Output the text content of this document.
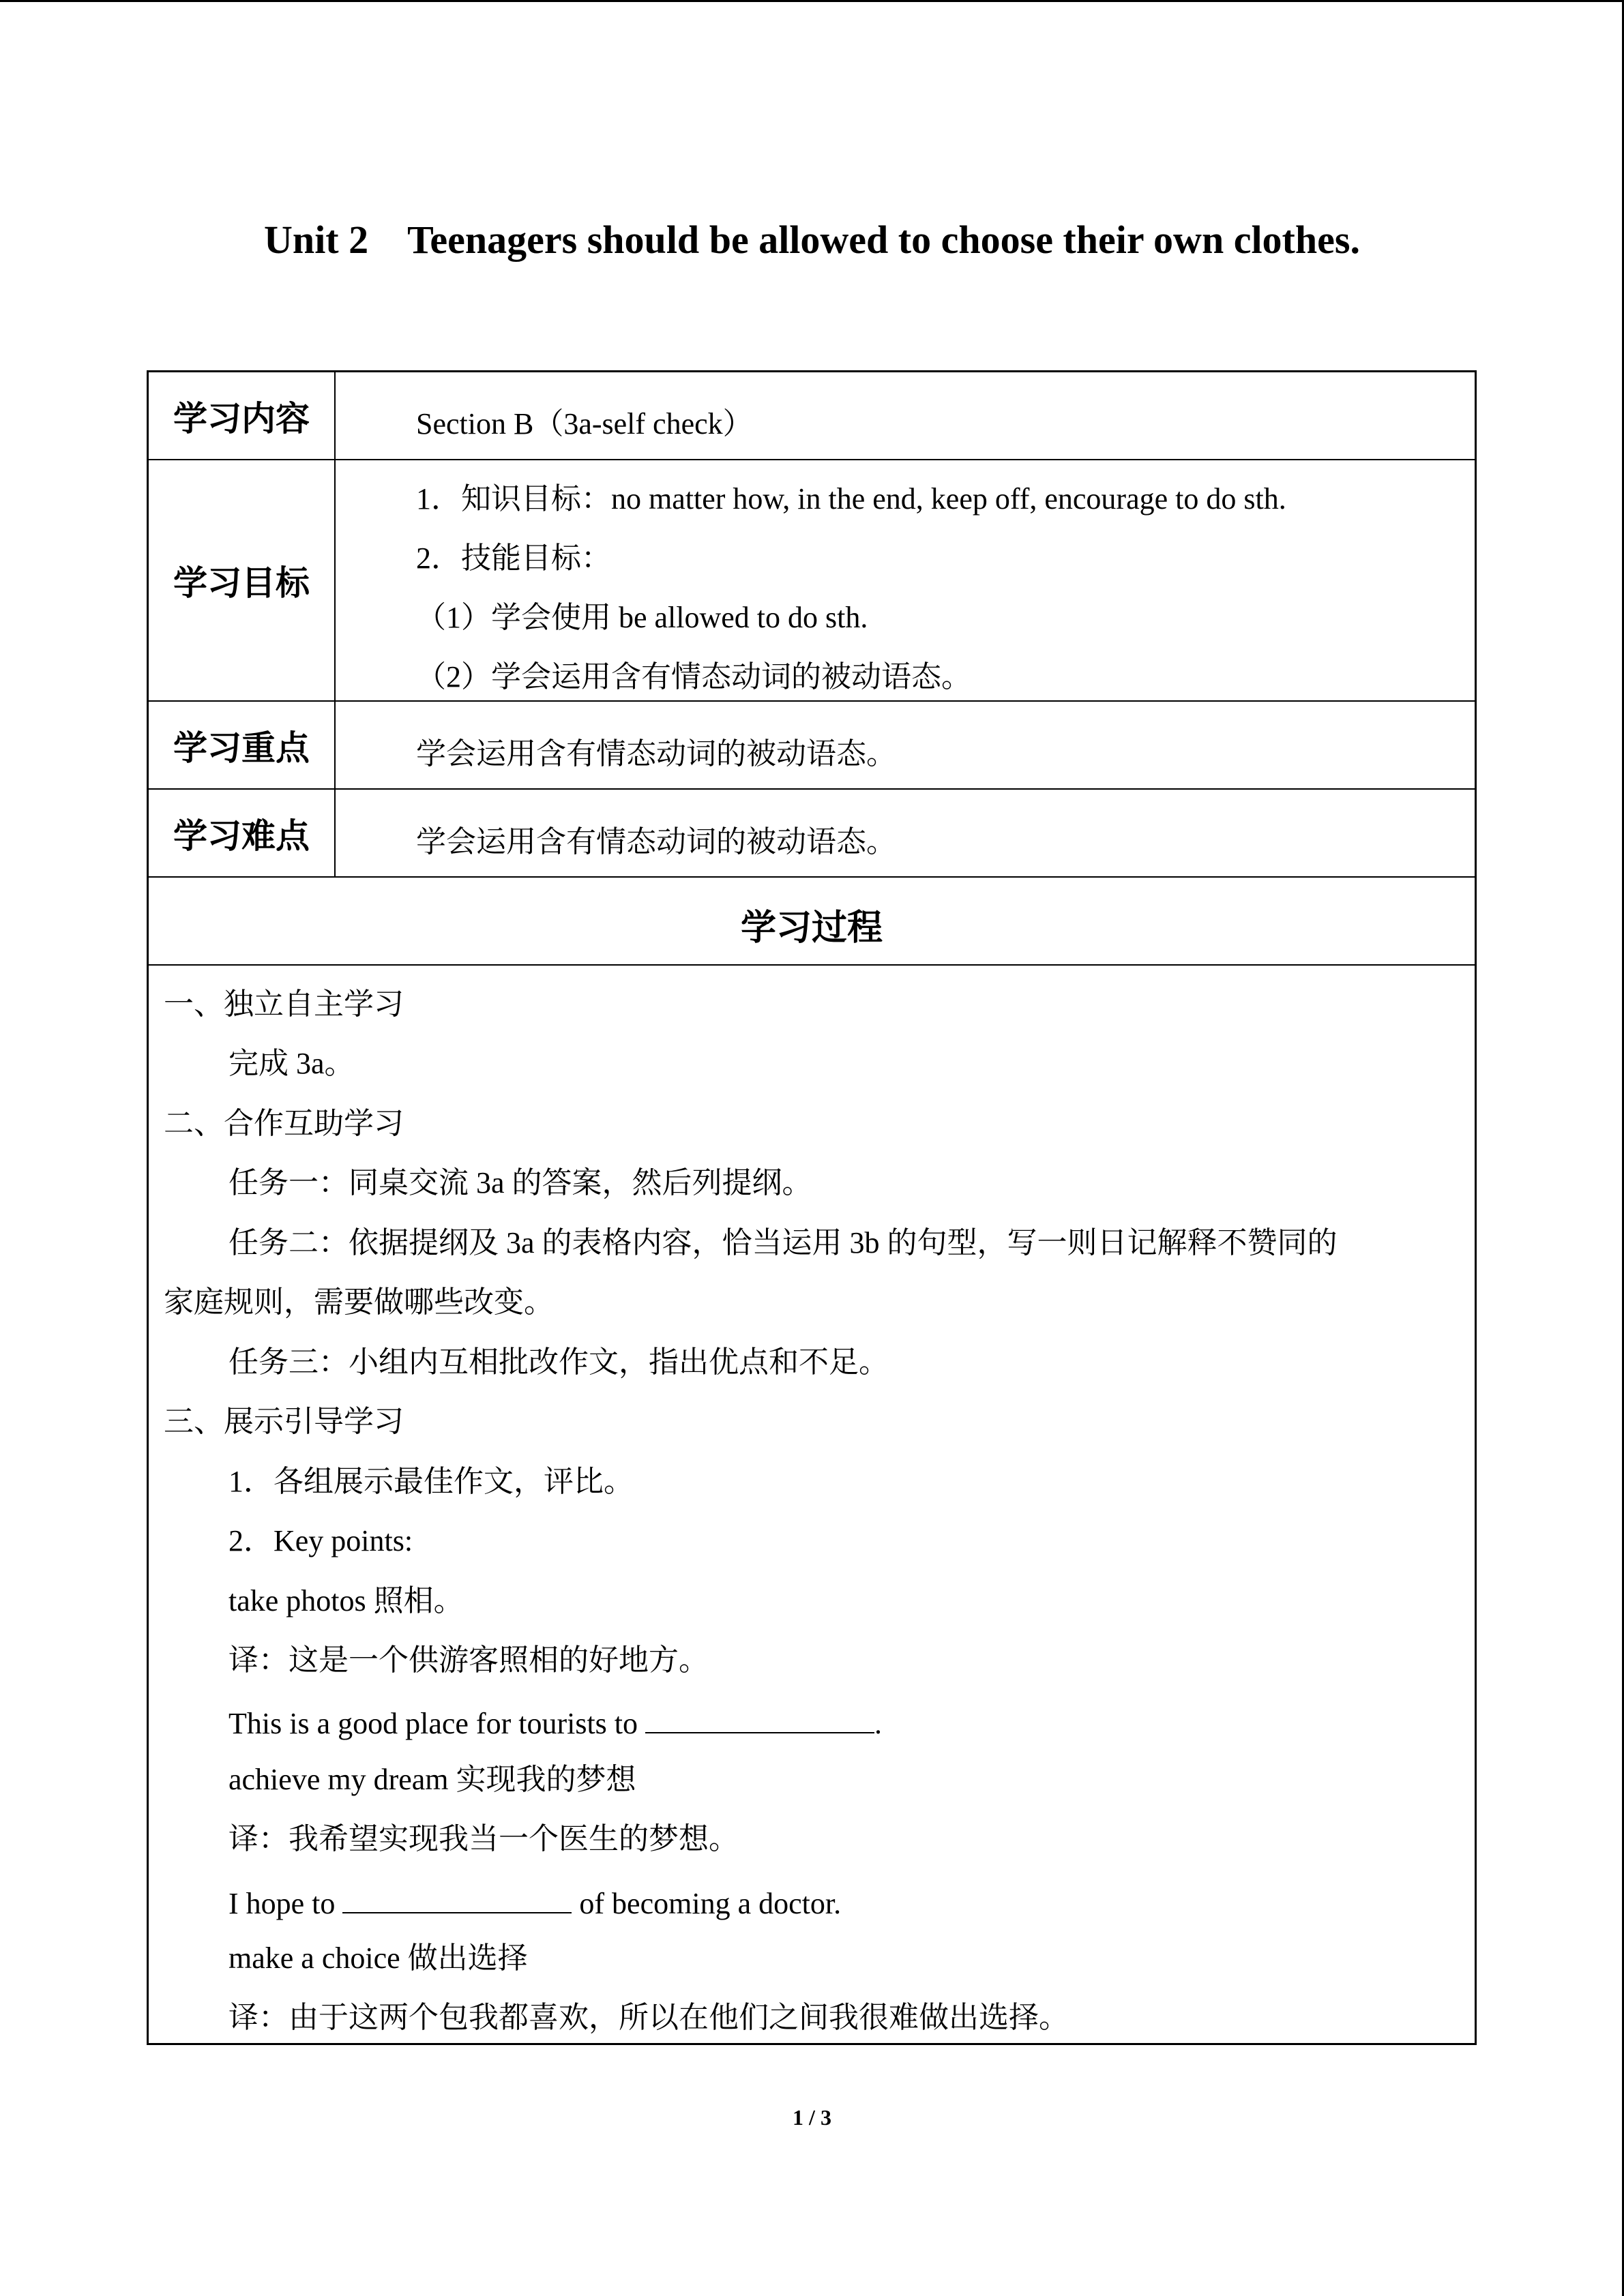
Unit 2    Teenagers should be allowed to choose their own clothes.
学习内容	Section B（3a-self check）
学习目标
1．知识目标：no matter how, in the end, keep off, encourage to do sth.
2．技能目标：
（1）学会使用 be allowed to do sth.
（2）学会运用含有情态动词的被动语态。
学习重点	学会运用含有情态动词的被动语态。
学习难点	学会运用含有情态动词的被动语态。
学习过程
一、独立自主学习
完成 3a。
二、合作互助学习
任务一：同桌交流 3a 的答案，然后列提纲。
任务二：依据提纲及 3a 的表格内容，恰当运用 3b 的句型，写一则日记解释不赞同的
家庭规则，需要做哪些改变。
任务三：小组内互相批改作文，指出优点和不足。
三、展示引导学习
1．各组展示最佳作文，评比。
2．Key points:
take photos 照相。
译：这是一个供游客照相的好地方。
This is a good place for tourists to	.
achieve my dream 实现我的梦想
译：我希望实现我当一个医生的梦想。
I hope to	of becoming a doctor.
make a choice 做出选择
译：由于这两个包我都喜欢，所以在他们之间我很难做出选择。
1 / 3
